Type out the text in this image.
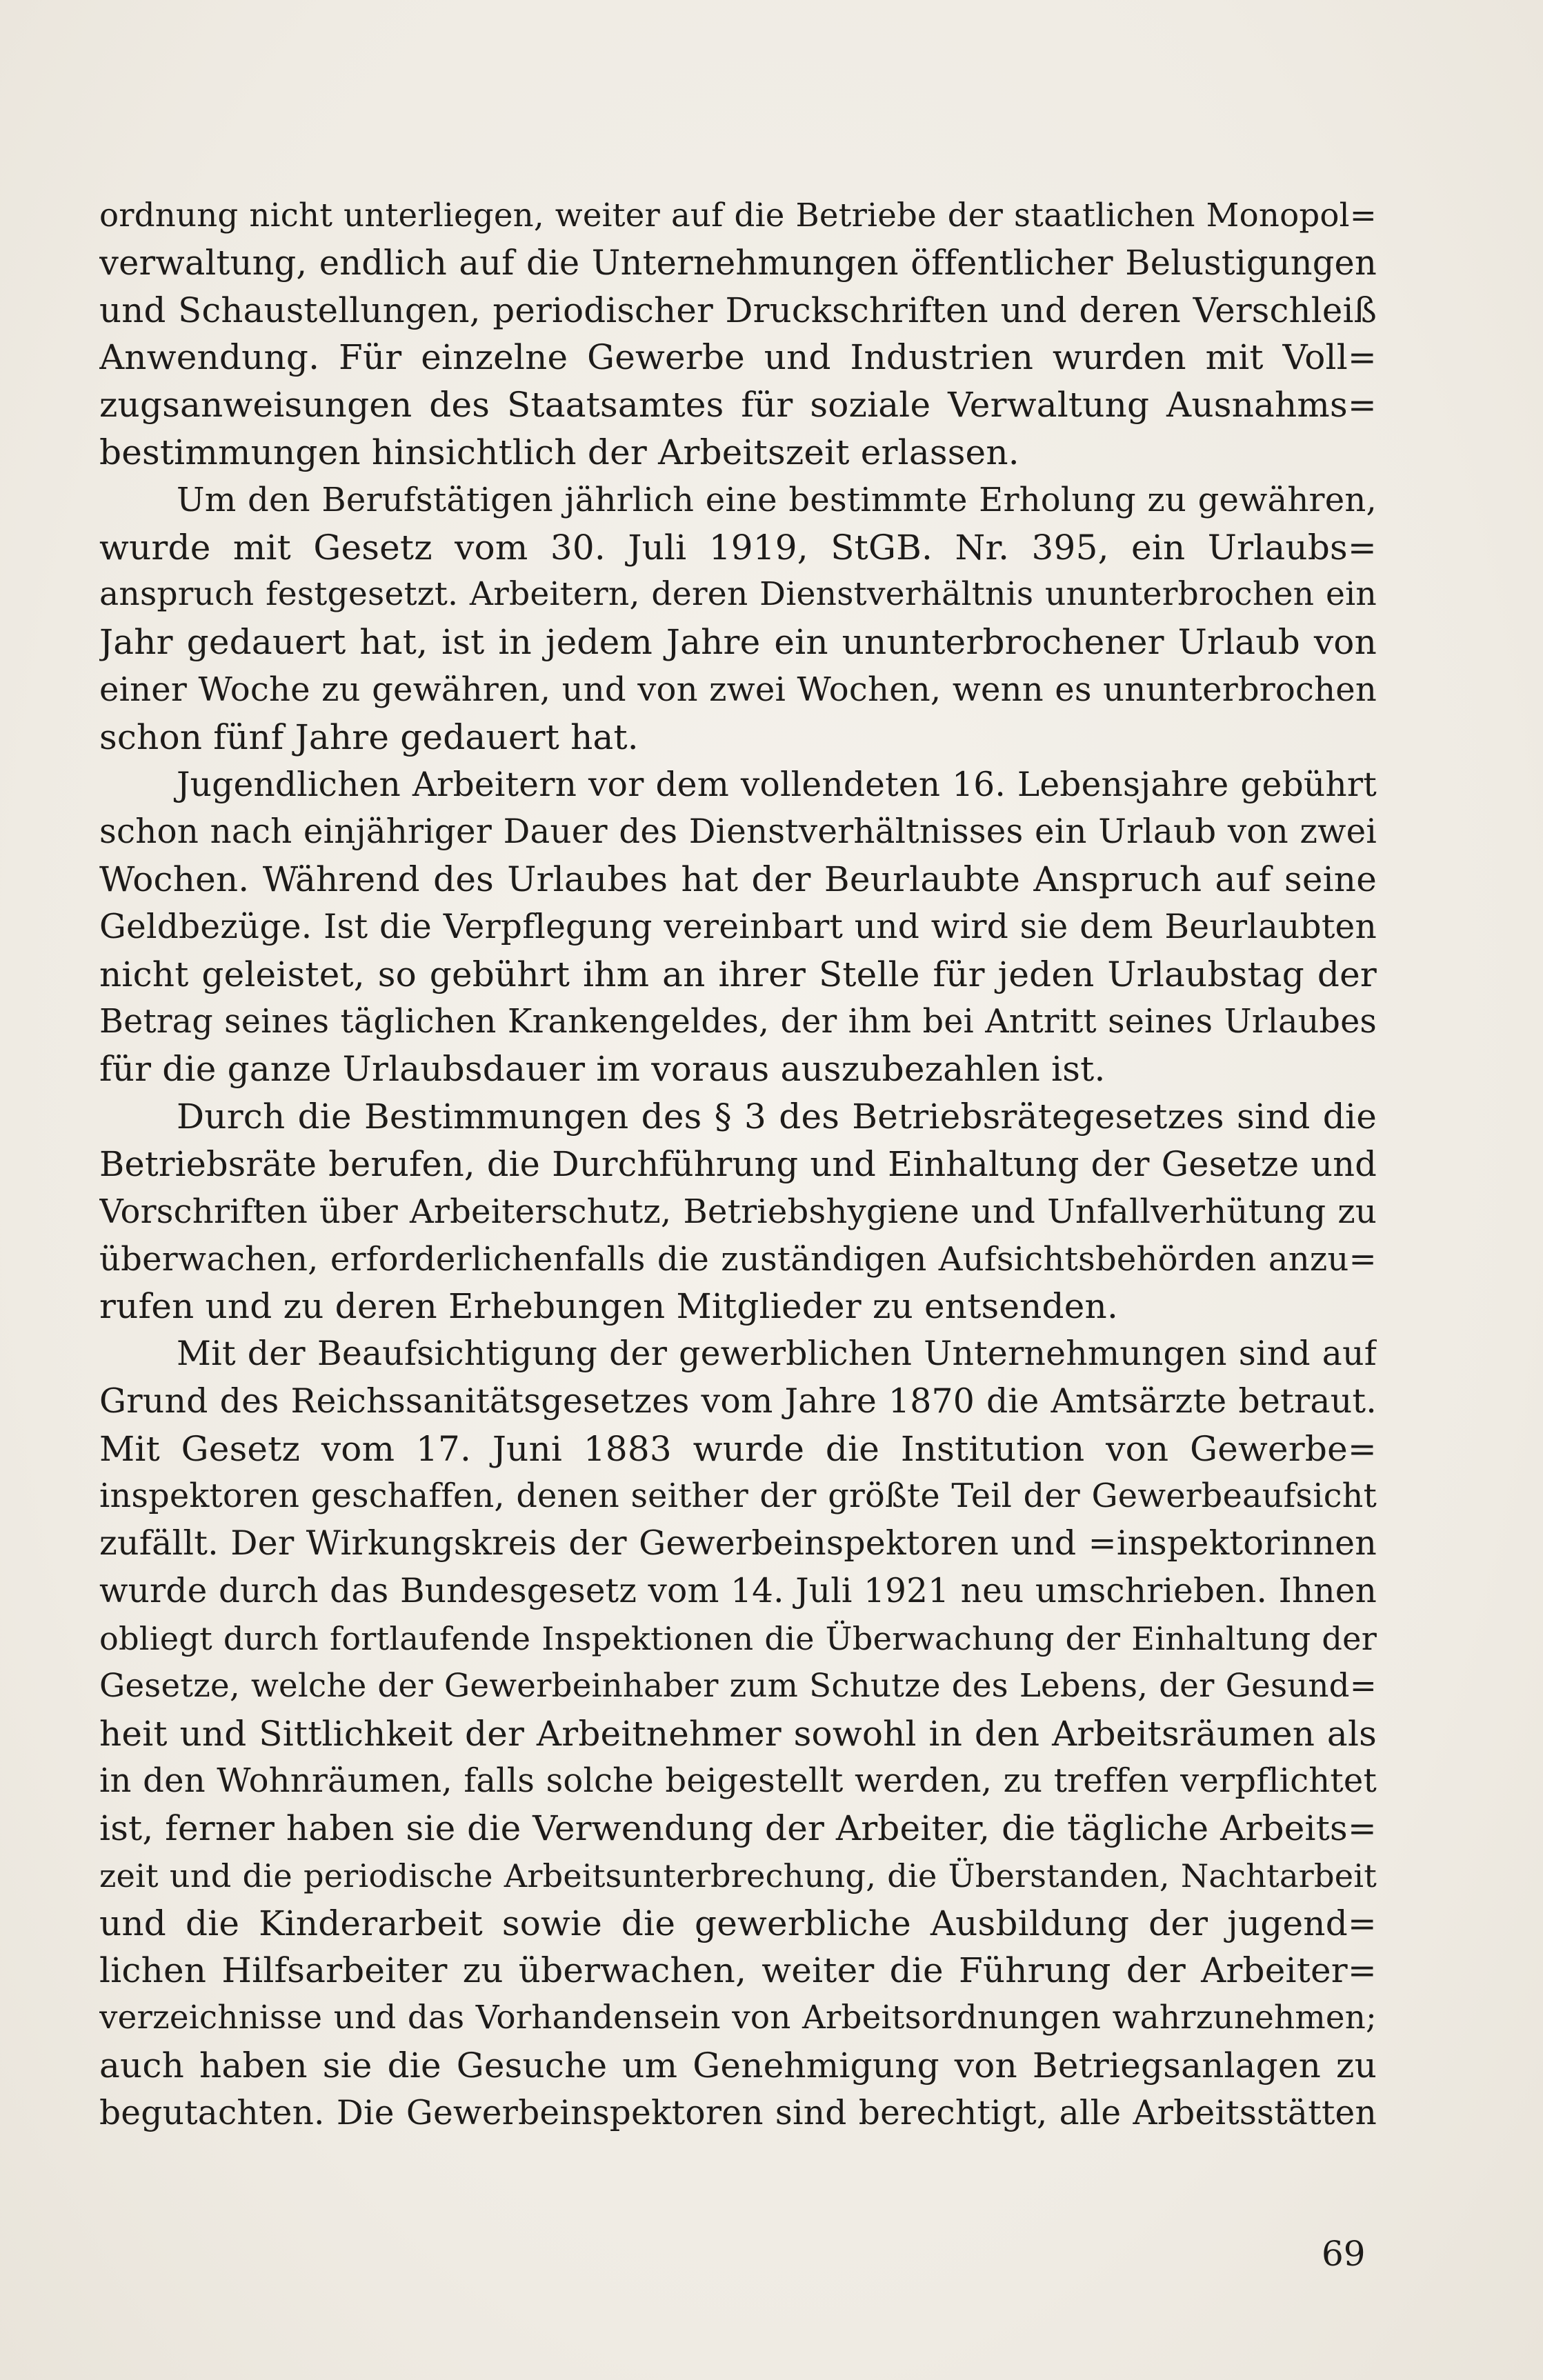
ordnung nicht unterliegen, weiter auf die Betriebe der staatlichen Monopol=
verwaltung, endlich auf die Unternehmungen öffentlicher Belustigungen
und Schaustellungen, periodischer Druckschriften und deren Verschleiß
Anwendung. Für einzelne Gewerbe und Industrien wurden mit Voll=
zugsanweisungen des Staatsamtes für soziale Verwaltung Ausnahms=
bestimmungen hinsichtlich der Arbeitszeit erlassen.
Um den Berufstätigen jährlich eine bestimmte Erholung zu gewähren,
wurde mit Gesetz vom 30. Juli 1919, StGB. Nr. 395, ein Urlaubs=
anspruch festgesetzt. Arbeitern, deren Dienstverhältnis ununterbrochen ein
Jahr gedauert hat, ist in jedem Jahre ein ununterbrochener Urlaub von
einer Woche zu gewähren, und von zwei Wochen, wenn es ununterbrochen
schon fünf Jahre gedauert hat.
Jugendlichen Arbeitern vor dem vollendeten 16. Lebensjahre gebührt
schon nach einjähriger Dauer des Dienstverhältnisses ein Urlaub von zwei
Wochen. Während des Urlaubes hat der Beurlaubte Anspruch auf seine
Geldbezüge. Ist die Verpflegung vereinbart und wird sie dem Beurlaubten
nicht geleistet, so gebührt ihm an ihrer Stelle für jeden Urlaubstag der
Betrag seines täglichen Krankengeldes, der ihm bei Antritt seines Urlaubes
für die ganze Urlaubsdauer im voraus auszubezahlen ist.
Durch die Bestimmungen des § 3 des Betriebsrätegesetzes sind die
Betriebsräte berufen, die Durchführung und Einhaltung der Gesetze und
Vorschriften über Arbeiterschutz, Betriebshygiene und Unfallverhütung zu
überwachen, erforderlichenfalls die zuständigen Aufsichtsbehörden anzu=
rufen und zu deren Erhebungen Mitglieder zu entsenden.
Mit der Beaufsichtigung der gewerblichen Unternehmungen sind auf
Grund des Reichssanitätsgesetzes vom Jahre 1870 die Amtsärzte betraut.
Mit Gesetz vom 17. Juni 1883 wurde die Institution von Gewerbe=
inspektoren geschaffen, denen seither der größte Teil der Gewerbeaufsicht
zufällt. Der Wirkungskreis der Gewerbeinspektoren und =inspektorinnen
wurde durch das Bundesgesetz vom 14. Juli 1921 neu umschrieben. Ihnen
obliegt durch fortlaufende Inspektionen die Überwachung der Einhaltung der
Gesetze, welche der Gewerbeinhaber zum Schutze des Lebens, der Gesund=
heit und Sittlichkeit der Arbeitnehmer sowohl in den Arbeitsräumen als
in den Wohnräumen, falls solche beigestellt werden, zu treffen verpflichtet
ist, ferner haben sie die Verwendung der Arbeiter, die tägliche Arbeits=
zeit und die periodische Arbeitsunterbrechung, die Überstanden, Nachtarbeit
und die Kinderarbeit sowie die gewerbliche Ausbildung der jugend=
lichen Hilfsarbeiter zu überwachen, weiter die Führung der Arbeiter=
verzeichnisse und das Vorhandensein von Arbeitsordnungen wahrzunehmen;
auch haben sie die Gesuche um Genehmigung von Betriegsanlagen zu
begutachten. Die Gewerbeinspektoren sind berechtigt, alle Arbeitsstätten
69
